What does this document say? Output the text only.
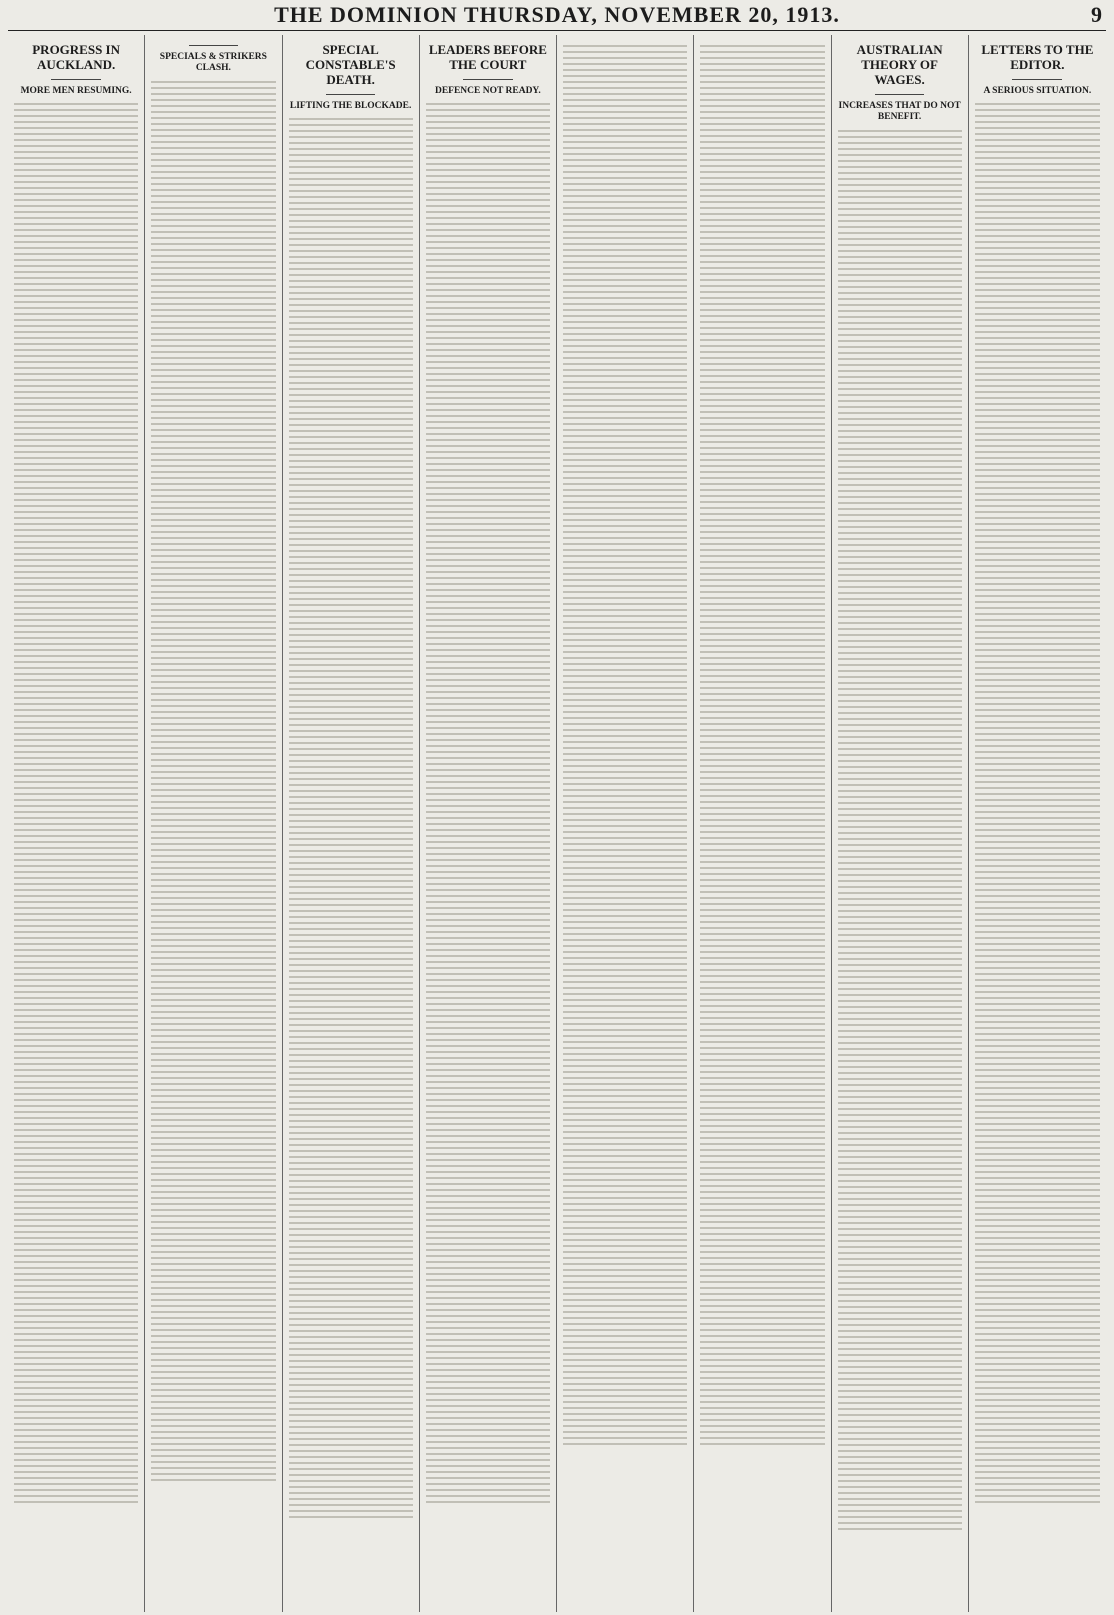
THE DOMINION THURSDAY, NOVEMBER 20, 1913.	9
PROGRESS IN AUCKLAND.
MORE MEN RESUMING.
SPECIALS & STRIKERS CLASH.
SPECIAL CONSTABLE'S DEATH.
LIFTING THE BLOCKADE.
LEADERS BEFORE THE COURT
DEFENCE NOT READY.
AUSTRALIAN THEORY OF WAGES.
INCREASES THAT DO NOT BENEFIT.
LETTERS TO THE EDITOR.
A SERIOUS SITUATION.
